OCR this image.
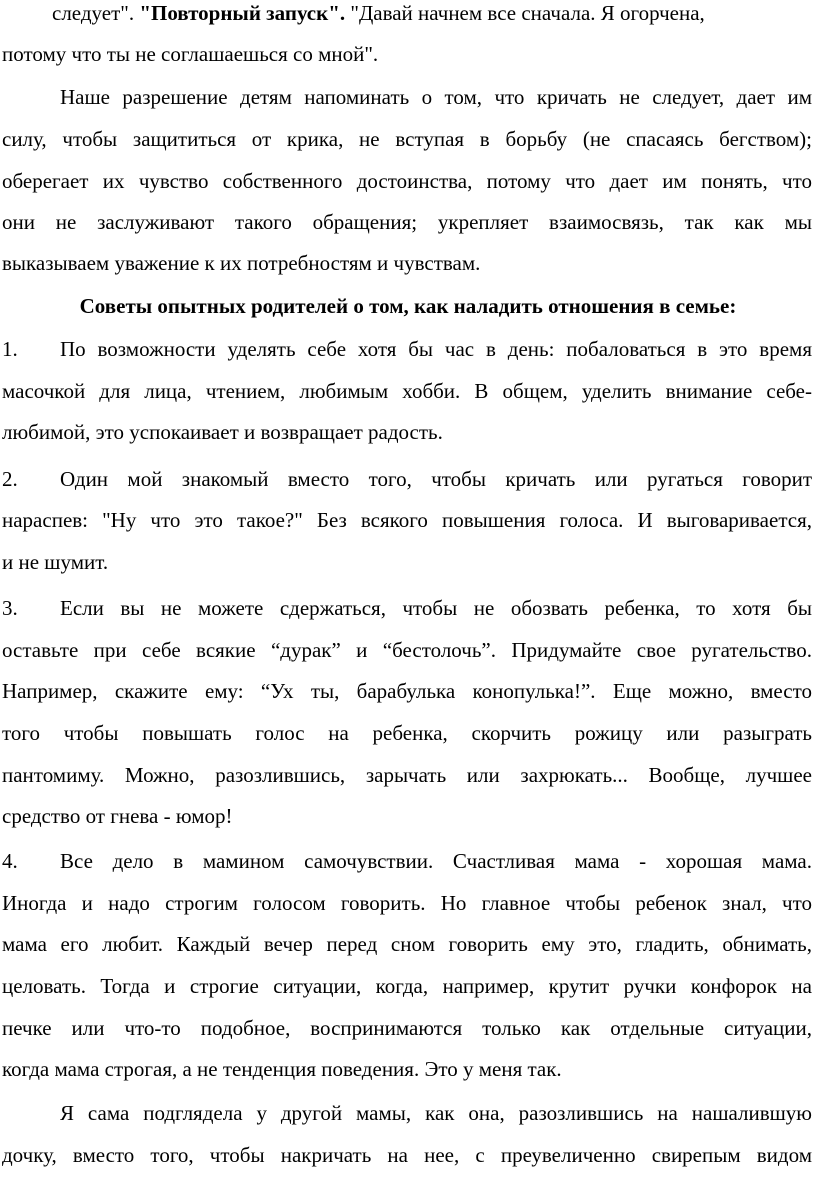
следует". "Повторный запуск". "Давай начнем все сначала. Я огорчена,
потому что ты не соглашаешься со мной".
Наше разрешение детям напоминать о том, что кричать не следует, дает им
силу, чтобы защититься от крика, не вступая в борьбу (не спасаясь бегством);
оберегает их чувство собственного достоинства, потому что дает им понять, что
они не заслуживают такого обращения; укрепляет взаимосвязь, так как мы
выказываем уважение к их потребностям и чувствам.
Советы опытных родителей о том, как наладить отношения в семье:
1.	По возможности уделять себе хотя бы час в день: побаловаться в это время
масочкой для лица, чтением, любимым хобби. В общем, уделить внимание себе-
любимой, это успокаивает и возвращает радость.
2.	Один мой знакомый вместо того, чтобы кричать или ругаться говорит
нараспев: "Ну что это такое?" Без всякого повышения голоса. И выговаривается,
и не шумит.
3.	Если вы не можете сдержаться, чтобы не обозвать ребенка, то хотя бы
оставьте при себе всякие “дурак” и “бестолочь”. Придумайте свое ругательство.
Например, скажите ему: “Ух ты, барабулька конопулька!”. Еще можно, вместо
того чтобы повышать голос на ребенка, скорчить рожицу или разыграть
пантомиму. Можно, разозлившись, зарычать или захрюкать... Вообще, лучшее
средство от гнева - юмор!
4.	Все дело в мамином самочувствии. Счастливая мама - хорошая мама.
Иногда и надо строгим голосом говорить. Но главное чтобы ребенок знал, что
мама его любит. Каждый вечер перед сном говорить ему это, гладить, обнимать,
целовать. Тогда и строгие ситуации, когда, например, крутит ручки конфорок на
печке или что-то подобное, воспринимаются только как отдельные ситуации,
когда мама строгая, а не тенденция поведения. Это у меня так.
Я сама подглядела у другой мамы, как она, разозлившись на нашалившую
дочку, вместо того, чтобы накричать на нее, с преувеличенно свирепым видом
